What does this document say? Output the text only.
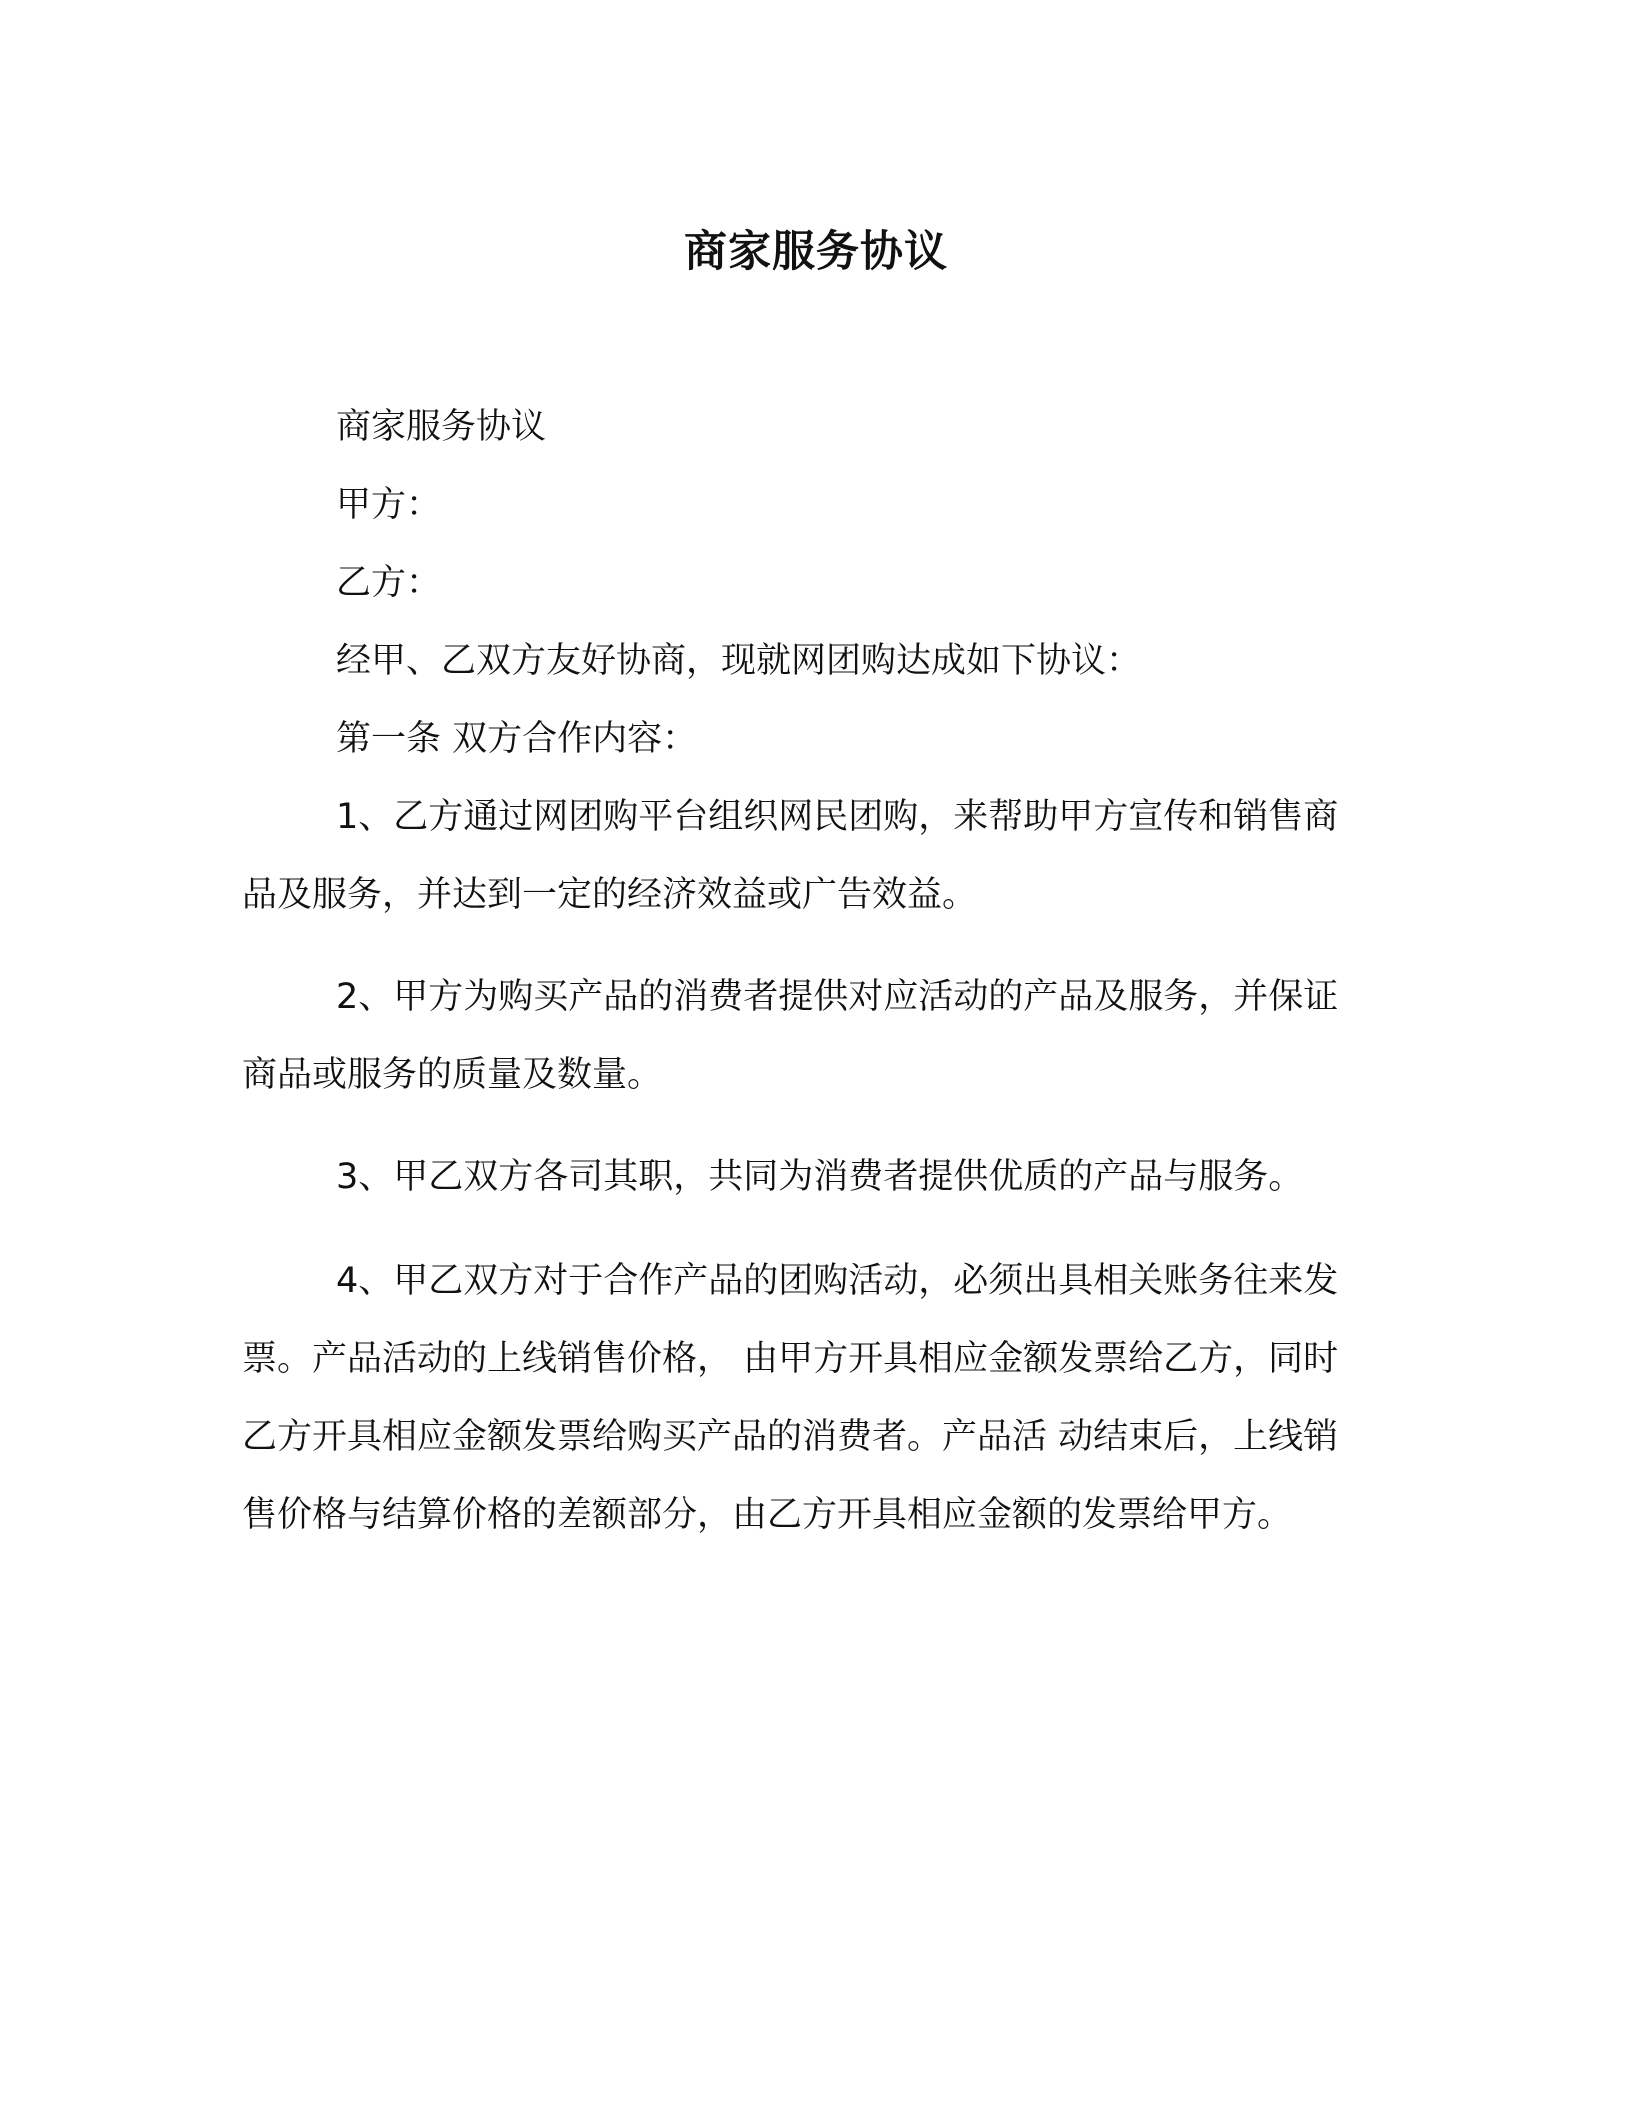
商家服务协议

商家服务协议

甲方：

乙方：

经甲、乙双方友好协商，现就网团购达成如下协议：

第一条 双方合作内容：

1、乙方通过网团购平台组织网民团购，来帮助甲方宣传和销售商品及服务，并达到一定的经济效益或广告效益。

2、甲方为购买产品的消费者提供对应活动的产品及服务，并保证商品或服务的质量及数量。

3、甲乙双方各司其职，共同为消费者提供优质的产品与服务。

4、甲乙双方对于合作产品的团购活动，必须出具相关账务往来发票。产品活动的上线销售价格， 由甲方开具相应金额发票给乙方，同时乙方开具相应金额发票给购买产品的消费者。产品活 动结束后，上线销售价格与结算价格的差额部分，由乙方开具相应金额的发票给甲方。
